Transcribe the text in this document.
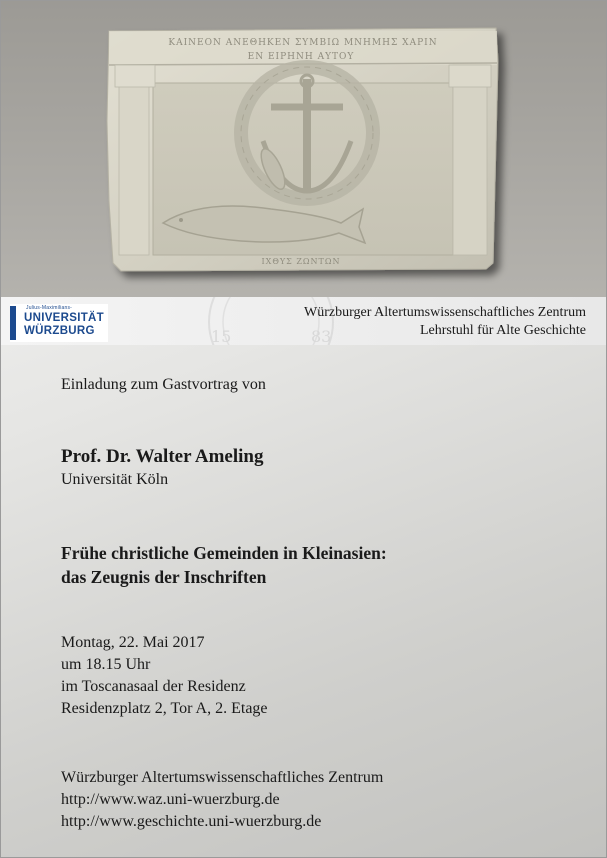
ΚΑΙΝΕΟΝ ΑΝΕΘΗΚΕΝ ΣΥΜΒΙΩ ΜΝΗΜΗΣ ΧΑΡΙΝ
ΕΝ ΕΙΡΗΝΗ ΑΥΤΟΥ
ΙΧΘΥΣ ΖΩΝΤΩΝ
15	83
Julius-Maximilians-
UNIVERSITÄT
WÜRZBURG
Würzburger Altertumswissenschaftliches Zentrum
Lehrstuhl für Alte Geschichte
Einladung zum Gastvortrag von
Prof. Dr. Walter Ameling
Universität Köln
Frühe christliche Gemeinden in Kleinasien:
das Zeugnis der Inschriften
Montag, 22. Mai 2017
um 18.15 Uhr
im Toscanasaal der Residenz
Residenzplatz 2, Tor A, 2. Etage
Würzburger Altertumswissenschaftliches Zentrum
http://www.waz.uni-wuerzburg.de
http://www.geschichte.uni-wuerzburg.de
